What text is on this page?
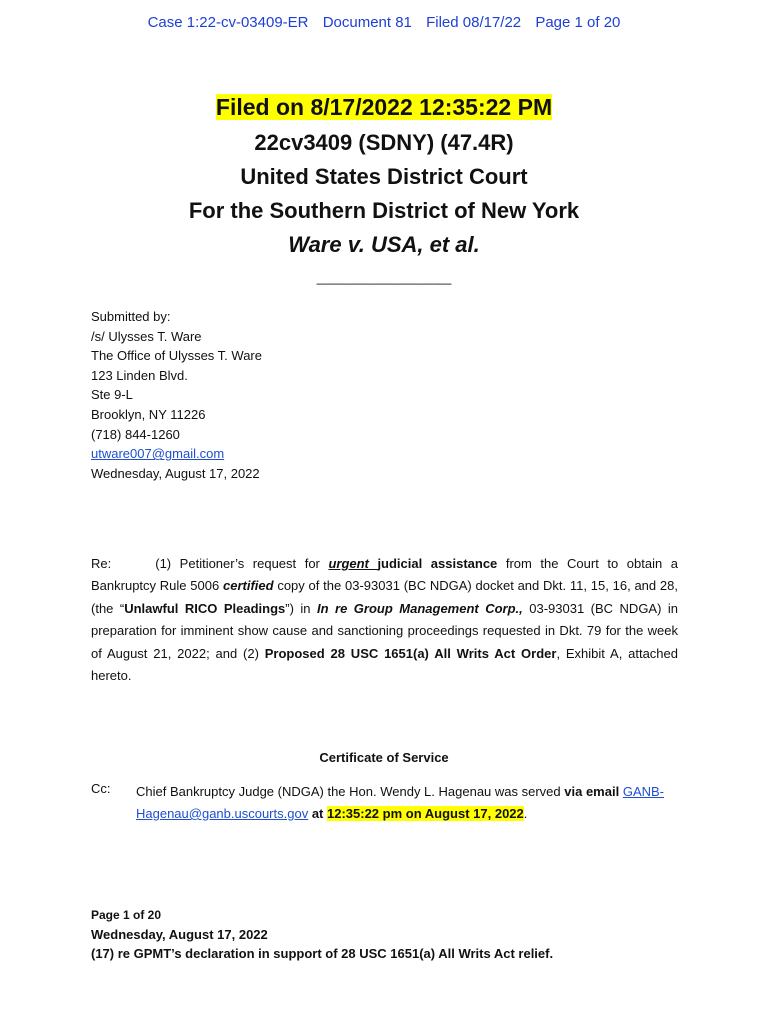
Case 1:22-cv-03409-ER Document 81 Filed 08/17/22 Page 1 of 20
Filed on 8/17/2022 12:35:22 PM
22cv3409 (SDNY) (47.4R)
United States District Court
For the Southern District of New York
Ware v. USA, et al.
___________
Submitted by:
/s/ Ulysses T. Ware
The Office of Ulysses T. Ware
123 Linden Blvd.
Ste 9-L
Brooklyn, NY 11226
(718) 844-1260
utware007@gmail.com
Wednesday, August 17, 2022
Re:	(1) Petitioner’s request for urgent judicial assistance from the Court to obtain a Bankruptcy Rule 5006 certified copy of the 03-93031 (BC NDGA) docket and Dkt. 11, 15, 16, and 28, (the “Unlawful RICO Pleadings”) in In re Group Management Corp., 03-93031 (BC NDGA) in preparation for imminent show cause and sanctioning proceedings requested in Dkt. 79 for the week of August 21, 2022; and (2) Proposed 28 USC 1651(a) All Writs Act Order, Exhibit A, attached hereto.
Certificate of Service
Cc: Chief Bankruptcy Judge (NDGA) the Hon. Wendy L. Hagenau was served via email GANB-Hagenau@ganb.uscourts.gov at 12:35:22 pm on August 17, 2022.
Page 1 of 20
Wednesday, August 17, 2022
(17) re GPMT’s declaration in support of 28 USC 1651(a) All Writs Act relief.
